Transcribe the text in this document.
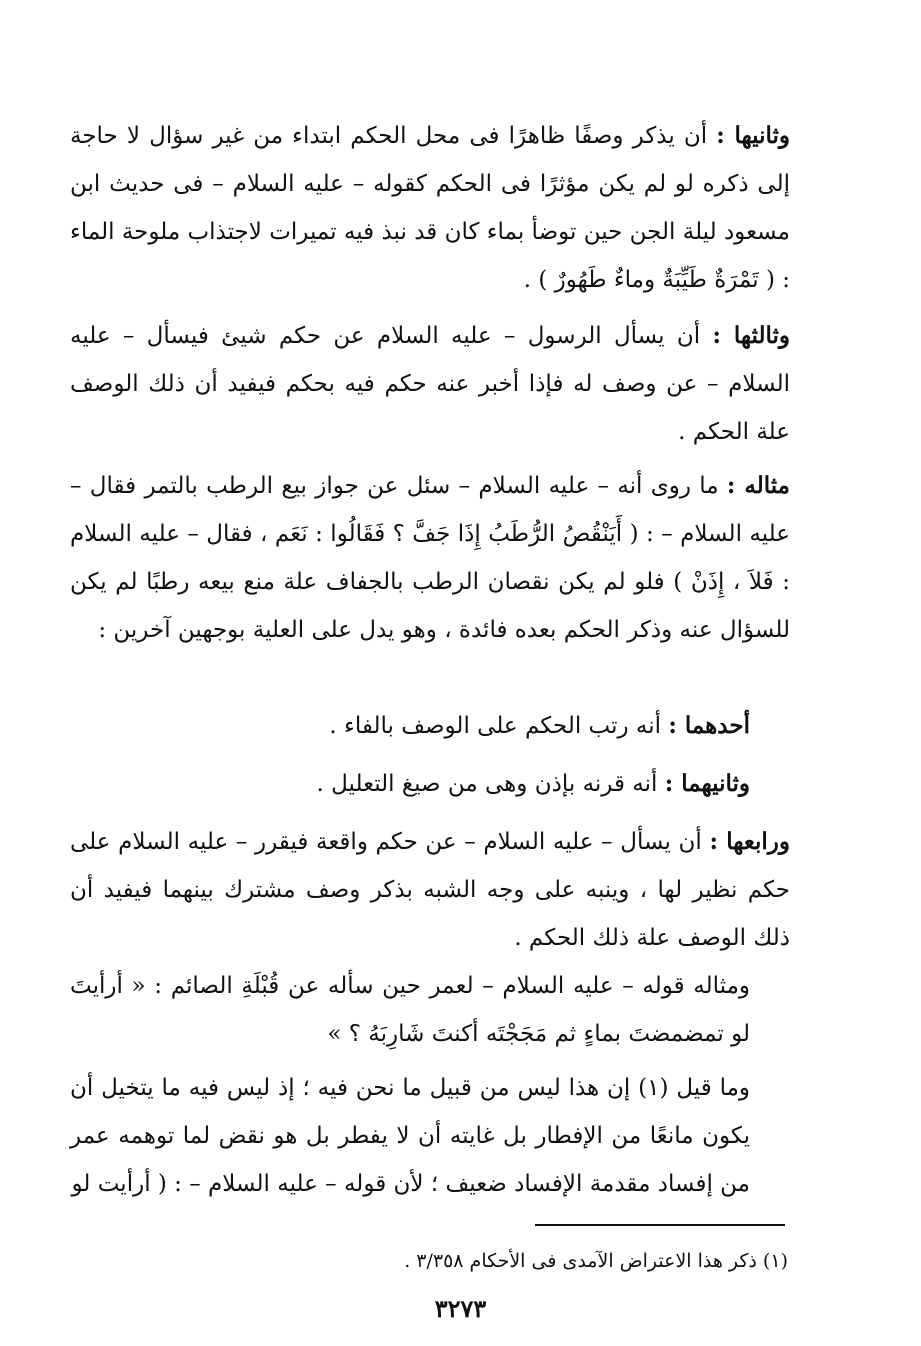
وثانيها : أن يذكر وصفًا ظاهرًا فى محل الحكم ابتداء من غير سؤال لا حاجة إلى ذكره لو لم يكن مؤثرًا فى الحكم كقوله – عليه السلام – فى حديث ابن مسعود ليلة الجن حين توضأ بماء كان قد نبذ فيه تميرات لاجتذاب ملوحة الماء : ( تَمْرَةٌ طَيِّبَةٌ وماءٌ طَهُورٌ ) .
وثالثها : أن يسأل الرسول – عليه السلام عن حكم شيئ فيسأل – عليه السلام – عن وصف له فإذا أخبر عنه حكم فيه بحكم فيفيد أن ذلك الوصف علة الحكم .
مثاله : ما روى أنه – عليه السلام – سئل عن جواز بيع الرطب بالتمر فقال – عليه السلام – : ( أَيَنْقُصُ الرُّطَبُ إِذَا جَفَّ ؟ فَقَالُوا : نَعَم ، فقال – عليه السلام : فَلاَ ، إِذَنْ ) فلو لم يكن نقصان الرطب بالجفاف علة منع بيعه رطبًا لم يكن للسؤال عنه وذكر الحكم بعده فائدة ، وهو يدل على العلية بوجهين آخرين :
أحدهما : أنه رتب الحكم على الوصف بالفاء .
وثانيهما : أنه قرنه بإذن وهى من صيغ التعليل .
ورابعها : أن يسأل – عليه السلام – عن حكم واقعة فيقرر – عليه السلام على حكم نظير لها ، وينبه على وجه الشبه بذكر وصف مشترك بينهما فيفيد أن ذلك الوصف علة ذلك الحكم .
ومثاله قوله – عليه السلام – لعمر حين سأله عن قُبْلَةِ الصائم : « أرأيتَ لو تمضمضتَ بماءٍ ثم مَجَجْتَه أكنتَ شَارِبَهُ ؟ »
وما قيل (١) إن هذا ليس من قبيل ما نحن فيه ؛ إذ ليس فيه ما يتخيل أن يكون مانعًا من الإفطار بل غايته أن لا يفطر بل هو نقض لما توهمه عمر من إفساد مقدمة الإفساد ضعيف ؛ لأن قوله – عليه السلام – : ( أرأيت لو
(١) ذكر هذا الاعتراض الآمدى فى الأحكام ٣/٣٥٨ .
٣٢٧٣
